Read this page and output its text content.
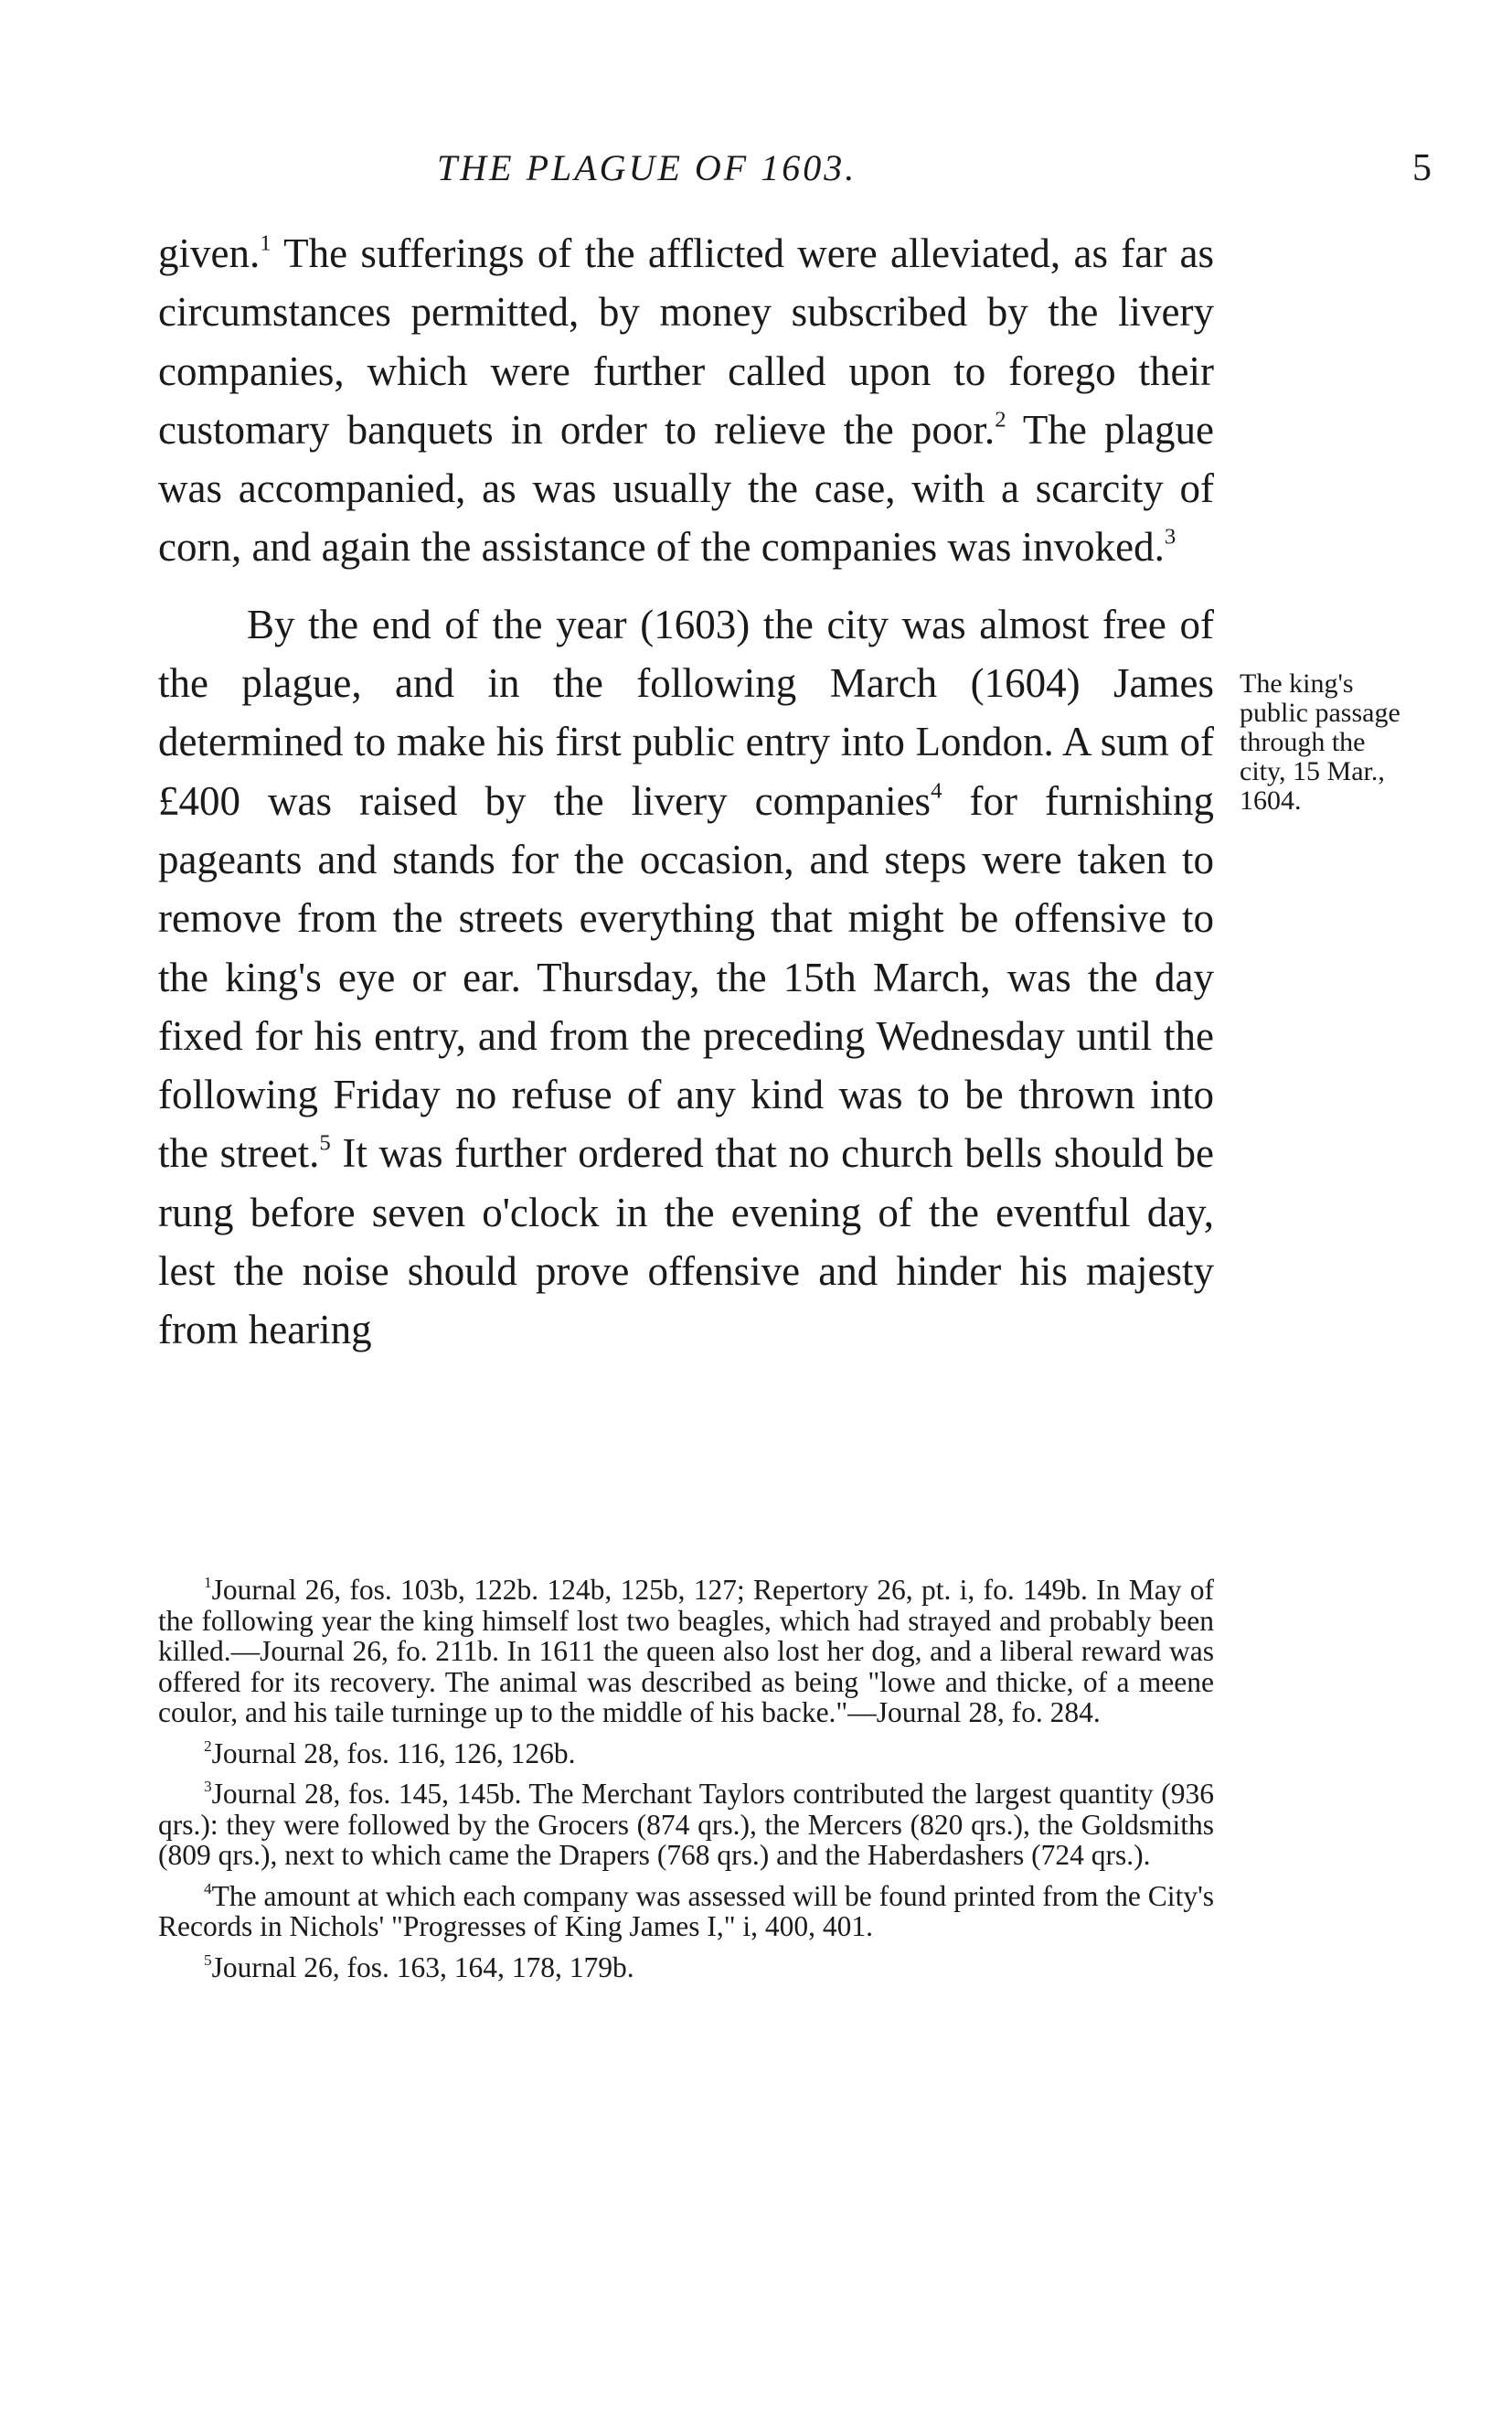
THE PLAGUE OF 1603.	5

given.$^1$ The sufferings of the afflicted were alleviated, as far as circumstances permitted, by money subscribed by the livery companies, which were further called upon to forego their customary banquets in order to relieve the poor.$^2$ The plague was accompanied, as was usually the case, with a scarcity of corn, and again the assistance of the companies was invoked.$^3$

By the end of the year (1603) the city was almost free of the plague, and in the following March (1604) James determined to make his first public entry into London. A sum of £400 was raised by the livery companies$^4$ for furnishing pageants and stands for the occasion, and steps were taken to remove from the streets everything that might be offensive to the king's eye or ear. Thursday, the 15th March, was the day fixed for his entry, and from the preceding Wednesday until the following Friday no refuse of any kind was to be thrown into the street.$^5$ It was further ordered that no church bells should be rung before seven o'clock in the evening of the eventful day, lest the noise should prove offensive and hinder his majesty from hearing

The king's
public passage
through the
city, 15 Mar.,
1604.

$^1$Journal 26, fos. 103b, 122b. 124b, 125b, 127; Repertory 26, pt. i, fo. 149b. In May of the following year the king himself lost two beagles, which had strayed and probably been killed.—Journal 26, fo. 211b. In 1611 the queen also lost her dog, and a liberal reward was offered for its recovery. The animal was described as being "lowe and thicke, of a meene coulor, and his taile turninge up to the middle of his backe."—Journal 28, fo. 284.

$^2$Journal 28, fos. 116, 126, 126b.

$^3$Journal 28, fos. 145, 145b. The Merchant Taylors contributed the largest quantity (936 qrs.): they were followed by the Grocers (874 qrs.), the Mercers (820 qrs.), the Goldsmiths (809 qrs.), next to which came the Drapers (768 qrs.) and the Haberdashers (724 qrs.).

$^4$The amount at which each company was assessed will be found printed from the City's Records in Nichols' "Progresses of King James I," i, 400, 401.

$^5$Journal 26, fos. 163, 164, 178, 179b.
